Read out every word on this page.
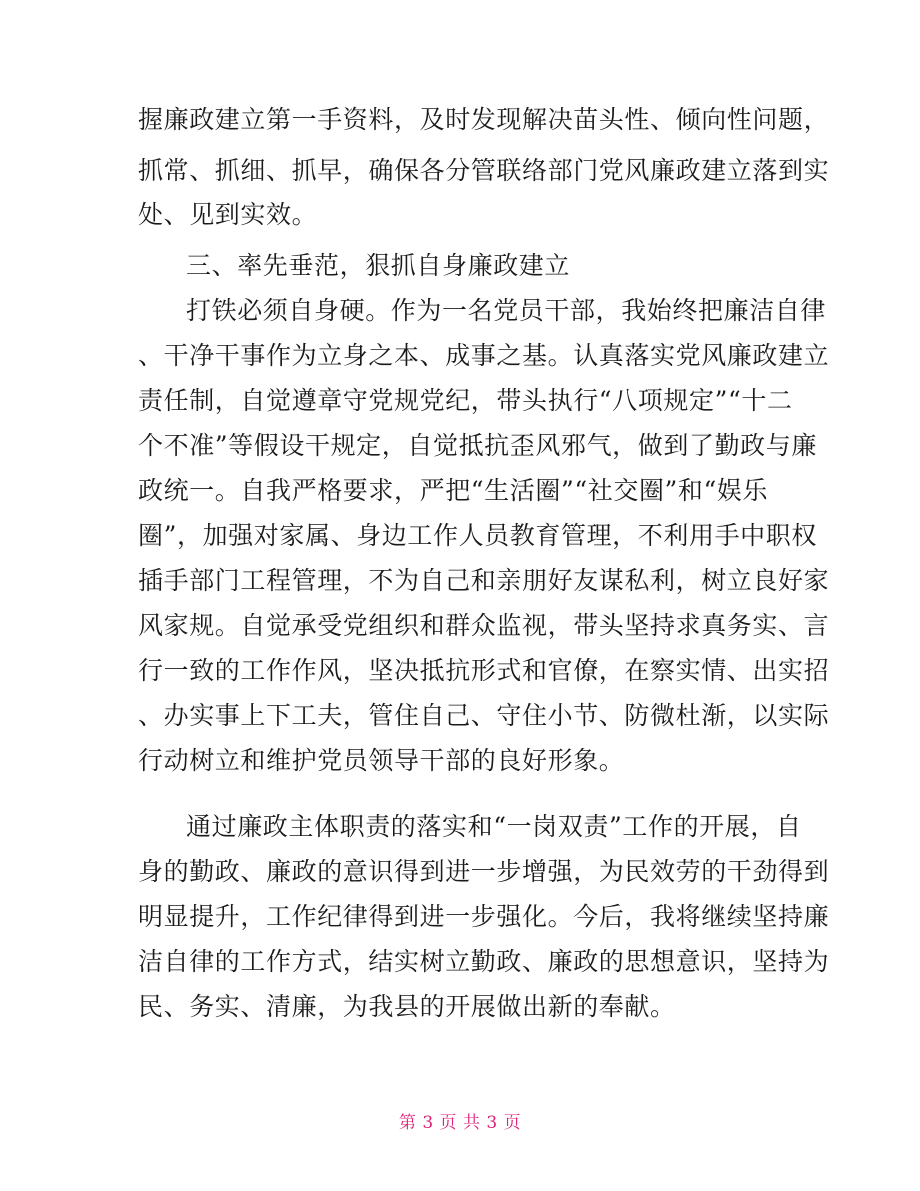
握廉政建立第一手资料，及时发现解决苗头性、倾向性问题，
抓常、抓细、抓早，确保各分管联络部门党风廉政建立落到实
处、见到实效。
三、率先垂范，狠抓自身廉政建立
打铁必须自身硬。作为一名党员干部，我始终把廉洁自律
、干净干事作为立身之本、成事之基。认真落实党风廉政建立
责任制，自觉遵章守党规党纪，带头执行“八项规定”“十二
个不准”等假设干规定，自觉抵抗歪风邪气，做到了勤政与廉
政统一。自我严格要求，严把“生活圈”“社交圈”和“娱乐
圈”，加强对家属、身边工作人员教育管理，不利用手中职权
插手部门工程管理，不为自己和亲朋好友谋私利，树立良好家
风家规。自觉承受党组织和群众监视，带头坚持求真务实、言
行一致的工作作风，坚决抵抗形式和官僚，在察实情、出实招
、办实事上下工夫，管住自己、守住小节、防微杜渐，以实际
行动树立和维护党员领导干部的良好形象。
通过廉政主体职责的落实和“一岗双责”工作的开展，自
身的勤政、廉政的意识得到进一步增强，为民效劳的干劲得到
明显提升，工作纪律得到进一步强化。今后，我将继续坚持廉
洁自律的工作方式，结实树立勤政、廉政的思想意识，坚持为
民、务实、清廉，为我县的开展做出新的奉献。
第 3 页 共 3 页
